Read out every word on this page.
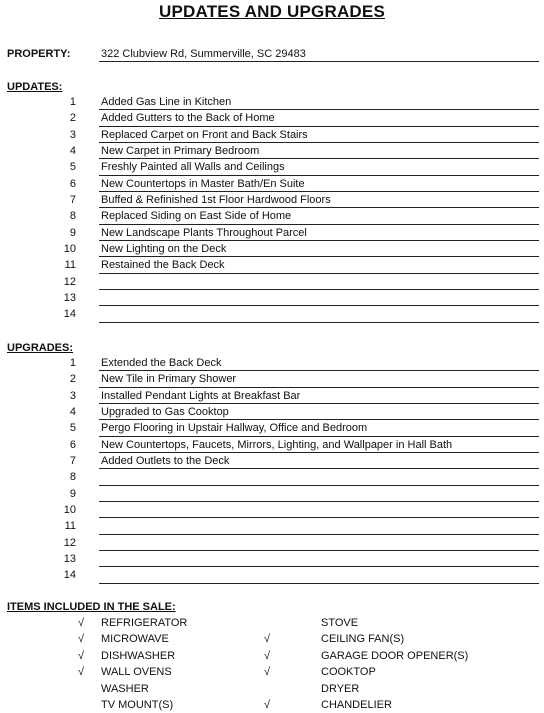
UPDATES AND UPGRADES
PROPERTY:	322 Clubview Rd, Summerville, SC 29483
UPDATES:
1 Added Gas Line in Kitchen
2 Added Gutters to the Back of Home
3 Replaced Carpet on Front and Back Stairs
4 New Carpet in Primary Bedroom
5 Freshly Painted all Walls and Ceilings
6 New Countertops in Master Bath/En Suite
7 Buffed & Refinished 1st Floor Hardwood Floors
8 Replaced Siding on East Side of Home
9 New Landscape Plants Throughout Parcel
10 New Lighting on the Deck
11 Restained the Back Deck
12
13
14
UPGRADES:
1 Extended the Back Deck
2 New Tile in Primary Shower
3 Installed Pendant Lights at Breakfast Bar
4 Upgraded to Gas Cooktop
5 Pergo Flooring in Upstair Hallway, Office and Bedroom
6 New Countertops, Faucets, Mirrors, Lighting, and Wallpaper in Hall Bath
7 Added Outlets to the Deck
8
9
10
11
12
13
14
ITEMS INCLUDED IN THE SALE:
√ REFRIGERATOR	STOVE
√ MICROWAVE	√	CEILING FAN(S)
√ DISHWASHER	√	GARAGE DOOR OPENER(S)
√ WALL OVENS	√	COOKTOP
WASHER	DRYER
TV MOUNT(S)	√	CHANDELIER
